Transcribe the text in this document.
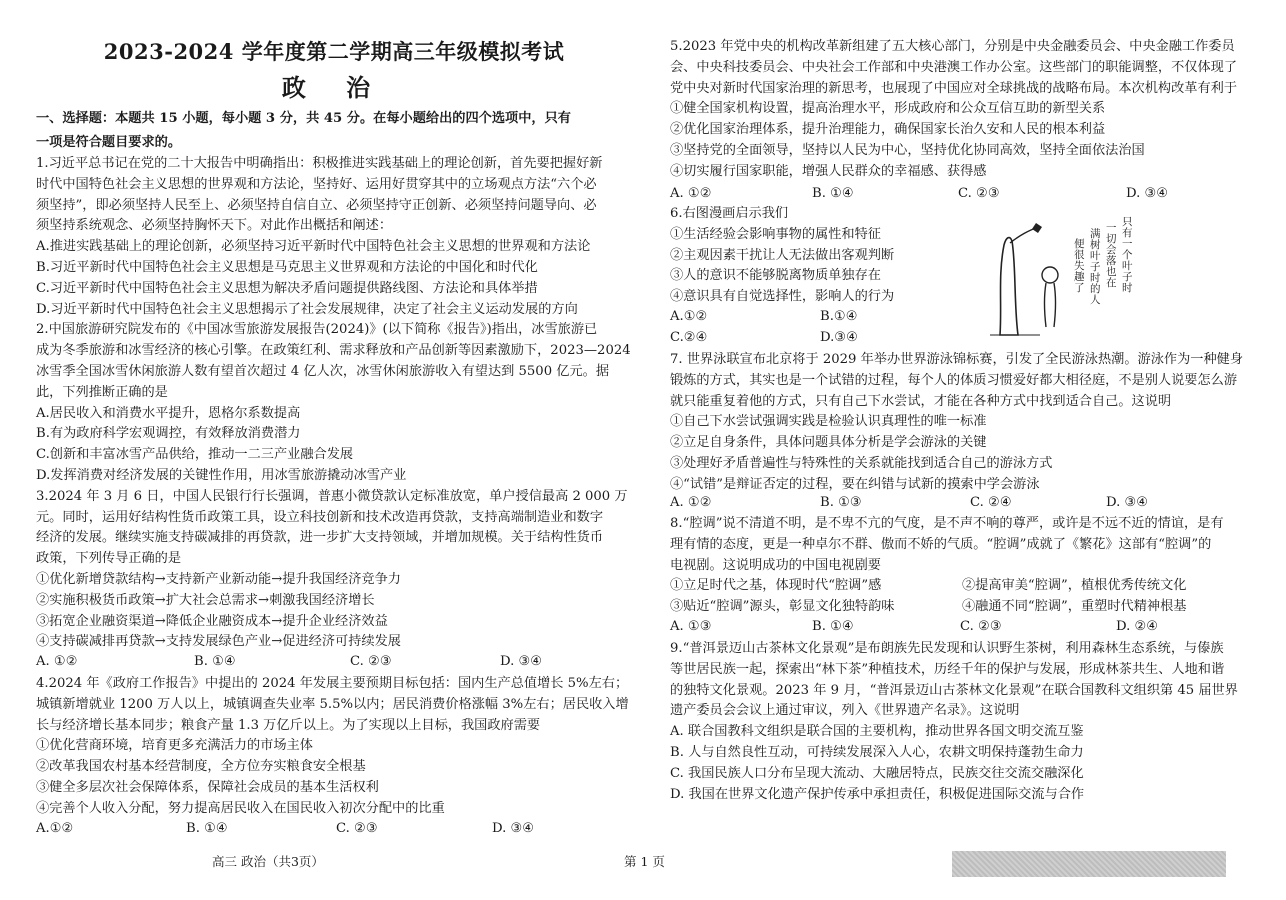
2023-2024 学年度第二学期高三年级模拟考试
政 治
一、选择题：本题共 15 小题，每小题 3 分，共 45 分。在每小题给出的四个选项中，只有
一项是符合题目要求的。
1.习近平总书记在党的二十大报告中明确指出：积极推进实践基础上的理论创新，首先要把握好新
时代中国特色社会主义思想的世界观和方法论，坚持好、运用好贯穿其中的立场观点方法“六个必
须坚持”，即必须坚持人民至上、必须坚持自信自立、必须坚持守正创新、必须坚持问题导向、必
须坚持系统观念、必须坚持胸怀天下。对此作出概括和阐述：
A.推进实践基础上的理论创新，必须坚持习近平新时代中国特色社会主义思想的世界观和方法论
B.习近平新时代中国特色社会主义思想是马克思主义世界观和方法论的中国化和时代化
C.习近平新时代中国特色社会主义思想为解决矛盾问题提供路线图、方法论和具体举措
D.习近平新时代中国特色社会主义思想揭示了社会发展规律，决定了社会主义运动发展的方向
2.中国旅游研究院发布的《中国冰雪旅游发展报告(2024)》(以下简称《报告》)指出，冰雪旅游已
成为冬季旅游和冰雪经济的核心引擎。在政策红利、需求释放和产品创新等因素激励下，2023—2024
冰雪季全国冰雪休闲旅游人数有望首次超过 4 亿人次，冰雪休闲旅游收入有望达到 5500 亿元。据
此，下列推断正确的是
A.居民收入和消费水平提升，恩格尔系数提高
B.有为政府科学宏观调控，有效释放消费潜力
C.创新和丰富冰雪产品供给，推动一二三产业融合发展
D.发挥消费对经济发展的关键性作用，用冰雪旅游撬动冰雪产业
3.2024 年 3 月 6 日，中国人民银行行长强调，普惠小微贷款认定标准放宽，单户授信最高 2 000 万
元。同时，运用好结构性货币政策工具，设立科技创新和技术改造再贷款，支持高端制造业和数字
经济的发展。继续实施支持碳减排的再贷款，进一步扩大支持领域，并增加规模。关于结构性货币
政策，下列传导正确的是
①优化新增贷款结构→支持新产业新动能→提升我国经济竞争力
②实施积极货币政策→扩大社会总需求→刺激我国经济增长
③拓宽企业融资渠道→降低企业融资成本→提升企业经济效益
④支持碳减排再贷款→支持发展绿色产业→促进经济可持续发展
A. ①②	B. ①④	C. ②③	D. ③④
4.2024 年《政府工作报告》中提出的 2024 年发展主要预期目标包括：国内生产总值增长 5%左右；
城镇新增就业 1200 万人以上，城镇调查失业率 5.5%以内；居民消费价格涨幅 3%左右；居民收入增
长与经济增长基本同步；粮食产量 1.3 万亿斤以上。为了实现以上目标，我国政府需要
①优化营商环境，培育更多充满活力的市场主体
②改革我国农村基本经营制度，全方位夯实粮食安全根基
③健全多层次社会保障体系，保障社会成员的基本生活权利
④完善个人收入分配，努力提高居民收入在国民收入初次分配中的比重
A.①②	B. ①④	C. ②③	D. ③④
5.2023 年党中央的机构改革新组建了五大核心部门，分别是中央金融委员会、中央金融工作委员
会、中央科技委员会、中央社会工作部和中央港澳工作办公室。这些部门的职能调整，不仅体现了
党中央对新时代国家治理的新思考，也展现了中国应对全球挑战的战略布局。本次机构改革有利于
①健全国家机构设置，提高治理水平，形成政府和公众互信互助的新型关系
②优化国家治理体系，提升治理能力，确保国家长治久安和人民的根本利益
③坚持党的全面领导，坚持以人民为中心，坚持优化协同高效，坚持全面依法治国
④切实履行国家职能，增强人民群众的幸福感、获得感
A. ①②	B. ①④	C. ②③	D. ③④
6.右图漫画启示我们
①生活经验会影响事物的属性和特征
②主观因素干扰让人无法做出客观判断
③人的意识不能够脱离物质单独存在
④意识具有自觉选择性，影响人的行为
A.①②	B.①④
C.②④	D.③④
只有一个叶子时
一切会落也在
满树叶子时的人
便很失趣了
7. 世界泳联宣布北京将于 2029 年举办世界游泳锦标赛，引发了全民游泳热潮。游泳作为一种健身
锻炼的方式，其实也是一个试错的过程，每个人的体质习惯爱好都大相径庭，不是别人说要怎么游
就只能重复着他的方式，只有自己下水尝试，才能在各种方式中找到适合自己。这说明
①自己下水尝试强调实践是检验认识真理性的唯一标准
②立足自身条件，具体问题具体分析是学会游泳的关键
③处理好矛盾普遍性与特殊性的关系就能找到适合自己的游泳方式
④“试错”是辩证否定的过程，要在纠错与试新的摸索中学会游泳
A. ①②	B. ①③	C. ②④	D. ③④
8.“腔调”说不清道不明，是不卑不亢的气度，是不声不响的尊严，或许是不远不近的情谊，是有
理有情的态度，更是一种卓尔不群、傲而不娇的气质。“腔调”成就了《繁花》这部有“腔调”的
电视剧。这说明成功的中国电视剧要
①立足时代之基，体现时代“腔调”感	②提高审美“腔调”，植根优秀传统文化
③贴近“腔调”源头，彰显文化独特韵味	④融通不同“腔调”，重塑时代精神根基
A. ①③	B. ①④	C. ②③	D. ②④
9.“普洱景迈山古茶林文化景观”是布朗族先民发现和认识野生茶树，利用森林生态系统，与傣族
等世居民族一起，探索出“林下茶”种植技术，历经千年的保护与发展，形成林茶共生、人地和谐
的独特文化景观。2023 年 9 月，“普洱景迈山古茶林文化景观”在联合国教科文组织第 45 届世界
遗产委员会会议上通过审议，列入《世界遗产名录》。这说明
A. 联合国教科文组织是联合国的主要机构，推动世界各国文明交流互鉴
B. 人与自然良性互动，可持续发展深入人心，农耕文明保持蓬勃生命力
C. 我国民族人口分布呈现大流动、大融居特点，民族交往交流交融深化
D. 我国在世界文化遗产保护传承中承担责任，积极促进国际交流与合作
高三 政治（共3页）	第 1 页
